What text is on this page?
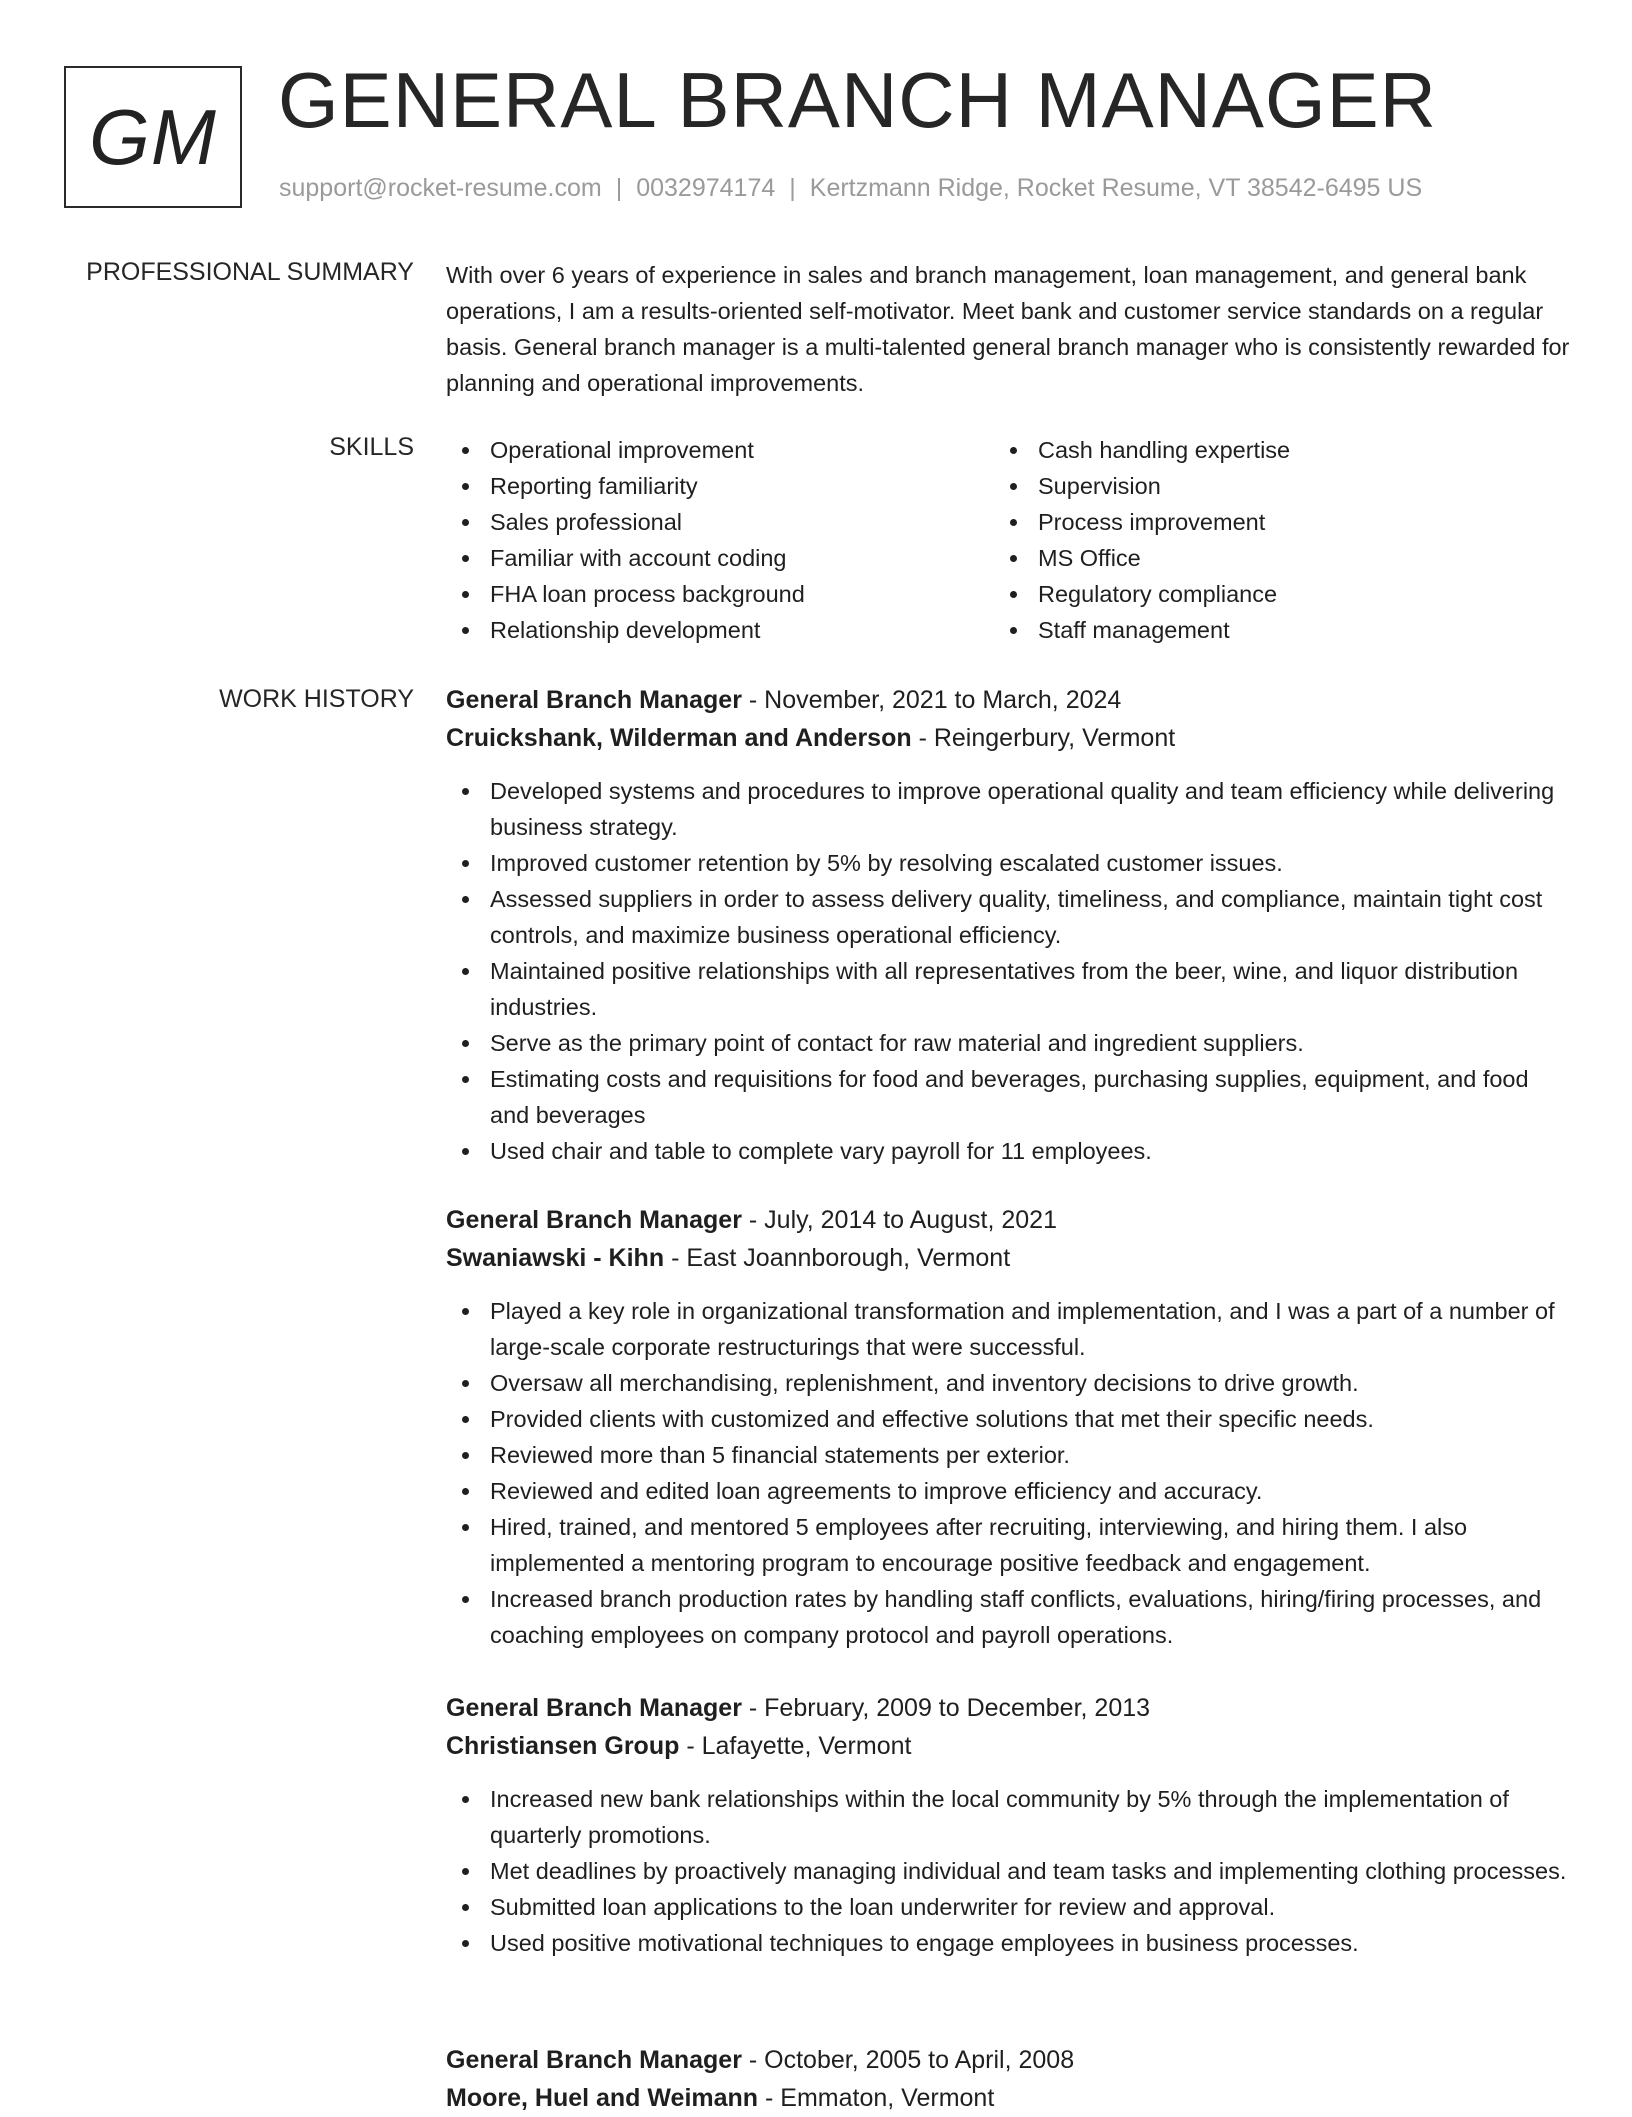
GM GENERAL BRANCH MANAGER
support@rocket-resume.com | 0032974174 | Kertzmann Ridge, Rocket Resume, VT 38542-6495 US
PROFESSIONAL SUMMARY With over 6 years of experience in sales and branch management, loan management, and general bank operations, I am a results-oriented self-motivator. Meet bank and customer service standards on a regular basis. General branch manager is a multi-talented general branch manager who is consistently rewarded for planning and operational improvements.

SKILLS	Operational improvement
Reporting familiarity
Sales professional
Familiar with account coding
FHA loan process background
Relationship development
Cash handling expertise
Supervision
Process improvement
MS Office
Regulatory compliance
Staff management
WORK HISTORY General Branch Manager - November, 2021 to March, 2024
Cruickshank, Wilderman and Anderson - Reingerbury, Vermont
Developed systems and procedures to improve operational quality and team efficiency while delivering business strategy.
Improved customer retention by 5% by resolving escalated customer issues.
Assessed suppliers in order to assess delivery quality, timeliness, and compliance, maintain tight cost controls, and maximize business operational efficiency.
Maintained positive relationships with all representatives from the beer, wine, and liquor distribution industries.
Serve as the primary point of contact for raw material and ingredient suppliers.
Estimating costs and requisitions for food and beverages, purchasing supplies, equipment, and food and beverages
Used chair and table to complete vary payroll for 11 employees.
General Branch Manager - July, 2014 to August, 2021
Swaniawski - Kihn - East Joannborough, Vermont
Played a key role in organizational transformation and implementation, and I was a part of a number of large-scale corporate restructurings that were successful.
Oversaw all merchandising, replenishment, and inventory decisions to drive growth.
Provided clients with customized and effective solutions that met their specific needs.
Reviewed more than 5 financial statements per exterior.
Reviewed and edited loan agreements to improve efficiency and accuracy.
Hired, trained, and mentored 5 employees after recruiting, interviewing, and hiring them. I also implemented a mentoring program to encourage positive feedback and engagement.
Increased branch production rates by handling staff conflicts, evaluations, hiring/firing processes, and coaching employees on company protocol and payroll operations.
General Branch Manager - February, 2009 to December, 2013
Christiansen Group - Lafayette, Vermont
Increased new bank relationships within the local community by 5% through the implementation of quarterly promotions.
Met deadlines by proactively managing individual and team tasks and implementing clothing processes.
Submitted loan applications to the loan underwriter for review and approval.
Used positive motivational techniques to engage employees in business processes.
General Branch Manager - October, 2005 to April, 2008
Moore, Huel and Weimann - Emmaton, Vermont
